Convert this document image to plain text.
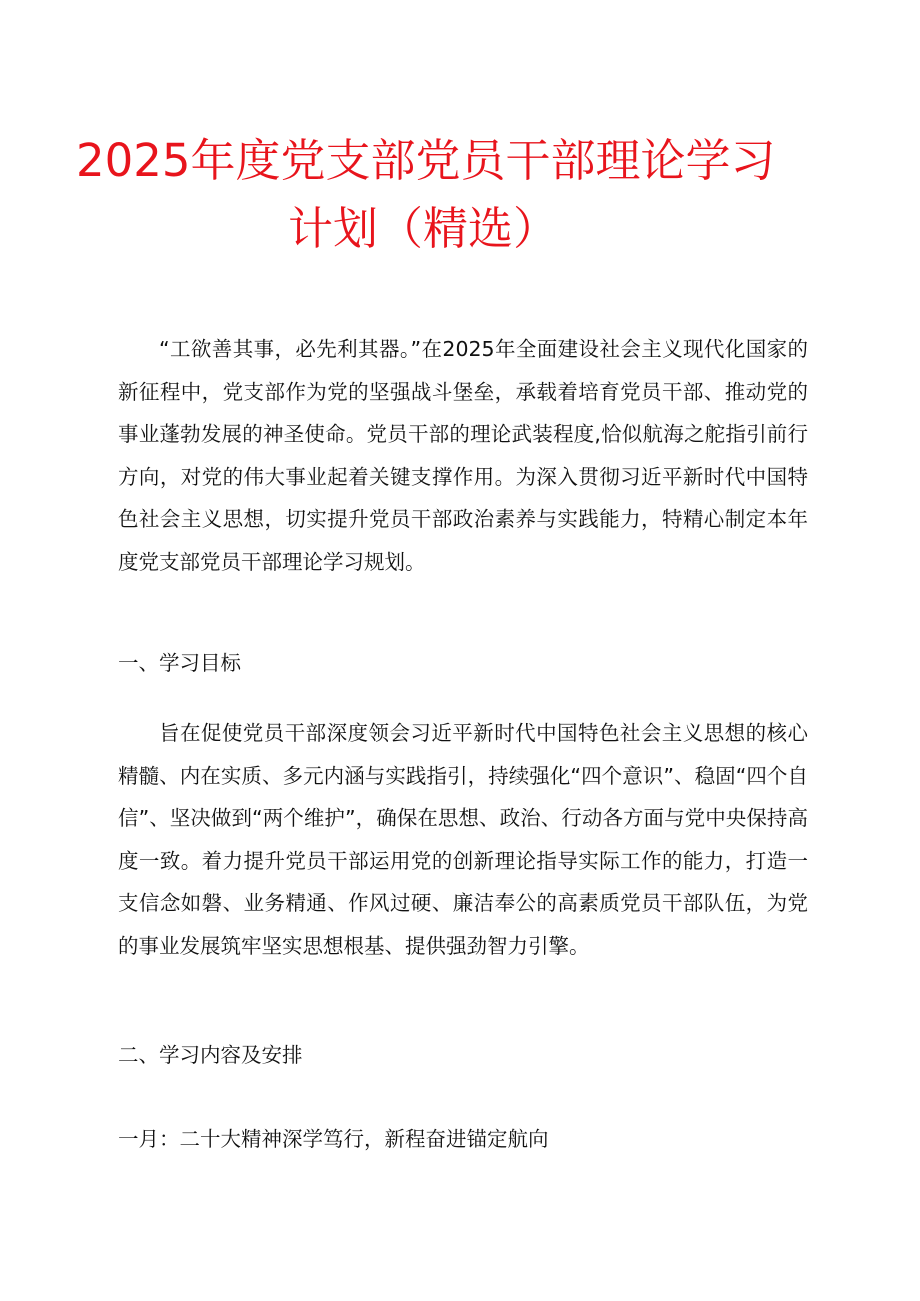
2025年度党支部党员干部理论学习
计划（精选）

“工欲善其事，必先利其器。”在2025年全面建设社会主义现代化国家的新征程中，党支部作为党的坚强战斗堡垒，承载着培育党员干部、推动党的事业蓬勃发展的神圣使命。党员干部的理论武装程度,恰似航海之舵指引前行方向，对党的伟大事业起着关键支撑作用。为深入贯彻习近平新时代中国特色社会主义思想，切实提升党员干部政治素养与实践能力，特精心制定本年度党支部党员干部理论学习规划。

一、学习目标

旨在促使党员干部深度领会习近平新时代中国特色社会主义思想的核心精髓、内在实质、多元内涵与实践指引，持续强化“四个意识”、稳固“四个自信”、坚决做到“两个维护”，确保在思想、政治、行动各方面与党中央保持高度一致。着力提升党员干部运用党的创新理论指导实际工作的能力，打造一支信念如磐、业务精通、作风过硬、廉洁奉公的高素质党员干部队伍，为党的事业发展筑牢坚实思想根基、提供强劲智力引擎。

二、学习内容及安排
一月：二十大精神深学笃行，新程奋进锚定航向
